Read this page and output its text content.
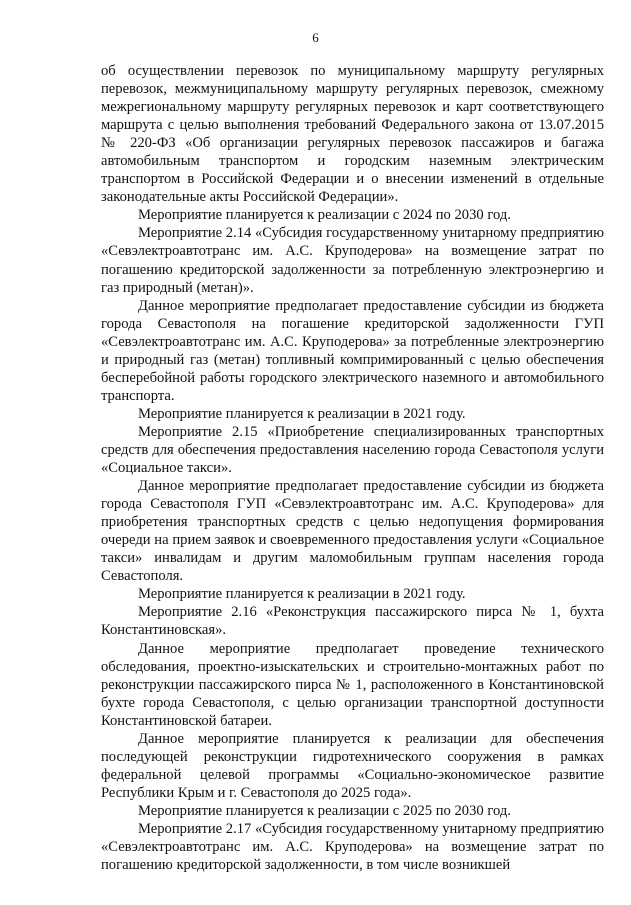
6

об осуществлении перевозок по муниципальному маршруту регулярных перевозок, межмуниципальному маршруту регулярных перевозок, смежному межрегиональному маршруту регулярных перевозок и карт соответствующего маршрута с целью выполнения требований Федерального закона от 13.07.2015 № 220-ФЗ «Об организации регулярных перевозок пассажиров и багажа автомобильным транспортом и городским наземным электрическим транспортом в Российской Федерации и о внесении изменений в отдельные законодательные акты Российской Федерации».

Мероприятие планируется к реализации с 2024 по 2030 год.

Мероприятие 2.14 «Субсидия государственному унитарному предприятию «Севэлектроавтотранс им. А.С. Круподерова» на возмещение затрат по погашению кредиторской задолженности за потребленную электроэнергию и газ природный (метан)».

Данное мероприятие предполагает предоставление субсидии из бюджета города Севастополя на погашение кредиторской задолженности ГУП «Севэлектроавтотранс им. А.С. Круподерова» за потребленные электроэнергию и природный газ (метан) топливный компримированный с целью обеспечения бесперебойной работы городского электрического наземного и автомобильного транспорта.

Мероприятие планируется к реализации в 2021 году.

Мероприятие 2.15 «Приобретение специализированных транспортных средств для обеспечения предоставления населению города Севастополя услуги «Социальное такси».

Данное мероприятие предполагает предоставление субсидии из бюджета города Севастополя ГУП «Севэлектроавтотранс им. А.С. Круподерова» для приобретения транспортных средств с целью недопущения формирования очереди на прием заявок и своевременного предоставления услуги «Социальное такси» инвалидам и другим маломобильным группам населения города Севастополя.

Мероприятие планируется к реализации в 2021 году.

Мероприятие 2.16 «Реконструкция пассажирского пирса № 1, бухта Константиновская».

Данное мероприятие предполагает проведение технического обследования, проектно-изыскательских и строительно-монтажных работ по реконструкции пассажирского пирса № 1, расположенного в Константиновской бухте города Севастополя, с целью организации транспортной доступности Константиновской батареи.

Данное мероприятие планируется к реализации для обеспечения последующей реконструкции гидротехнического сооружения в рамках федеральной целевой программы «Социально-экономическое развитие Республики Крым и г. Севастополя до 2025 года».

Мероприятие планируется к реализации с 2025 по 2030 год.

Мероприятие 2.17 «Субсидия государственному унитарному предприятию «Севэлектроавтотранс им. А.С. Круподерова» на возмещение затрат по погашению кредиторской задолженности, в том числе возникшей
